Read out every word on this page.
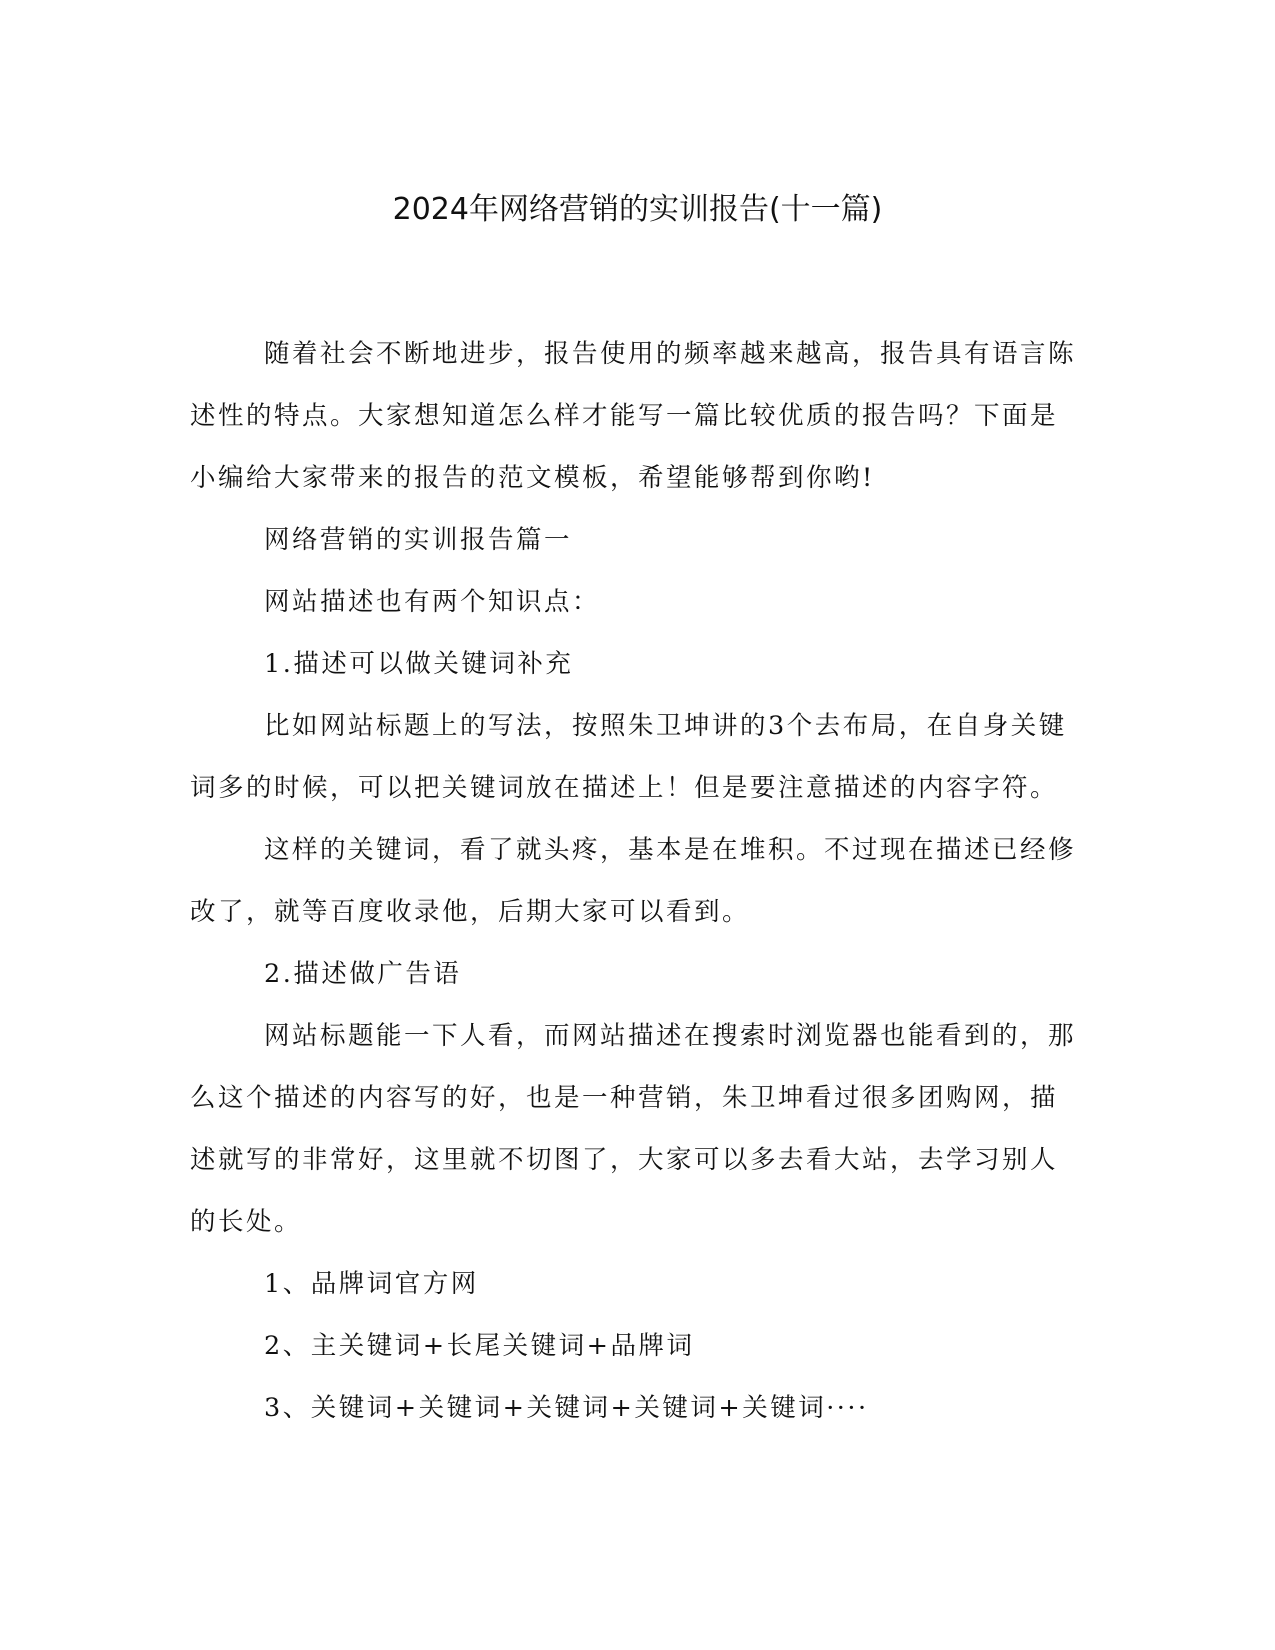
2024年网络营销的实训报告(十一篇)

随着社会不断地进步，报告使用的频率越来越高，报告具有语言陈述性的特点。大家想知道怎么样才能写一篇比较优质的报告吗？下面是小编给大家带来的报告的范文模板，希望能够帮到你哟!

网络营销的实训报告篇一

网站描述也有两个知识点：

1.描述可以做关键词补充

比如网站标题上的写法，按照朱卫坤讲的3个去布局，在自身关键词多的时候，可以把关键词放在描述上！但是要注意描述的内容字符。

这样的关键词，看了就头疼，基本是在堆积。不过现在描述已经修改了，就等百度收录他，后期大家可以看到。

2.描述做广告语

网站标题能一下人看，而网站描述在搜索时浏览器也能看到的，那么这个描述的内容写的好，也是一种营销，朱卫坤看过很多团购网，描述就写的非常好，这里就不切图了，大家可以多去看大站，去学习别人的长处。

1、品牌词官方网

2、主关键词+长尾关键词+品牌词

3、关键词+关键词+关键词+关键词+关键词····
